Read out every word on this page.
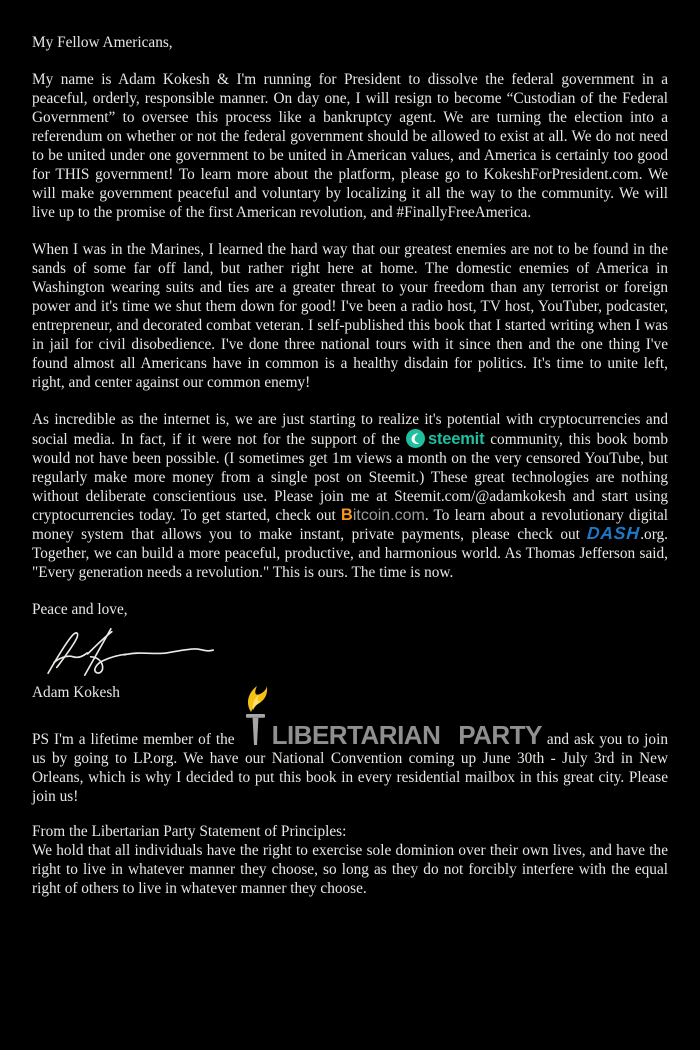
My Fellow Americans,

My name is Adam Kokesh & I'm running for President to dissolve the federal government in a peaceful, orderly, responsible manner. On day one, I will resign to become “Custodian of the Federal Government” to oversee this process like a bankruptcy agent. We are turning the election into a referendum on whether or not the federal government should be allowed to exist at all. We do not need to be united under one government to be united in American values, and America is certainly too good for THIS government! To learn more about the platform, please go to KokeshForPresident.com. We will make government peaceful and voluntary by localizing it all the way to the community. We will live up to the promise of the first American revolution, and #FinallyFreeAmerica.

When I was in the Marines, I learned the hard way that our greatest enemies are not to be found in the sands of some far off land, but rather right here at home. The domestic enemies of America in Washington wearing suits and ties are a greater threat to your freedom than any terrorist or foreign power and it's time we shut them down for good! I've been a radio host, TV host, YouTuber, podcaster, entrepreneur, and decorated combat veteran. I self-published this book that I started writing when I was in jail for civil disobedience. I've done three national tours with it since then and the one thing I've found almost all Americans have in common is a healthy disdain for politics. It's time to unite left, right, and center against our common enemy!

As incredible as the internet is, we are just starting to realize it's potential with cryptocurrencies and social media. In fact, if it were not for the support of the steemit community, this book bomb would not have been possible. (I sometimes get 1m views a month on the very censored YouTube, but regularly make more money from a single post on Steemit.) These great technologies are nothing without deliberate conscientious use. Please join me at Steemit.com/@adamkokesh and start using cryptocurrencies today. To get started, check out Bitcoin.com. To learn about a revolutionary digital money system that allows you to make instant, private payments, please check out DASH.org. Together, we can build a more peaceful, productive, and harmonious world. As Thomas Jefferson said, "Every generation needs a revolution." This is ours. The time is now.

Peace and love,

Adam Kokesh

PS I'm a lifetime member of the
LIBERTARIAN PARTY and ask you to join us by going to LP.org. We have our National Convention coming up June 30th - July 3rd in New Orleans, which is why I decided to put this book in every residential mailbox in this great city. Please join us!

From the Libertarian Party Statement of Principles:

We hold that all individuals have the right to exercise sole dominion over their own lives, and have the right to live in whatever manner they choose, so long as they do not forcibly interfere with the equal right of others to live in whatever manner they choose.
